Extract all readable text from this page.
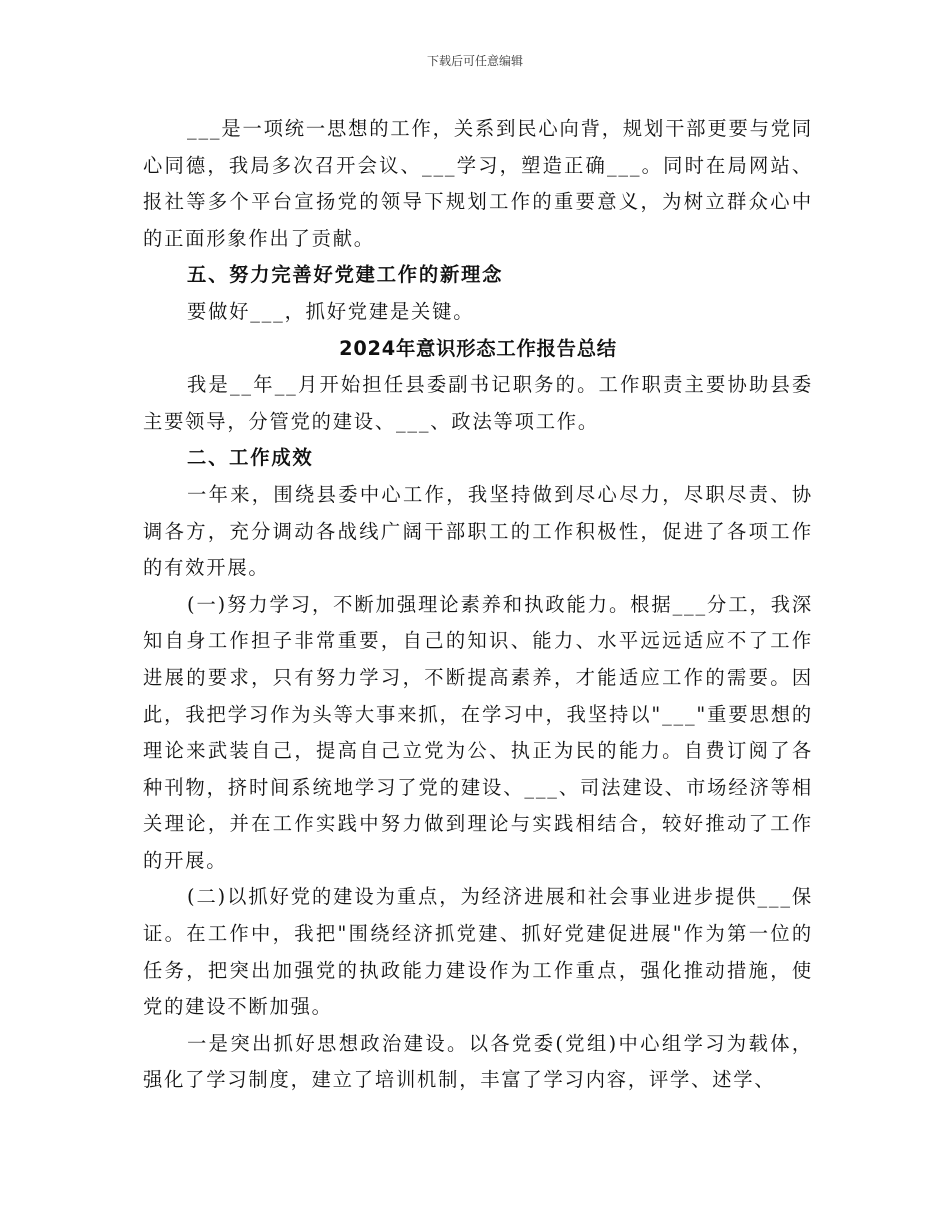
下载后可任意编辑

___是一项统一思想的工作，关系到民心向背，规划干部更要与党同心同德，我局多次召开会议、___学习，塑造正确___。同时在局网站、报社等多个平台宣扬党的领导下规划工作的重要意义，为树立群众心中的正面形象作出了贡献。

五、努力完善好党建工作的新理念

要做好___，抓好党建是关键。

2024年意识形态工作报告总结

我是__年__月开始担任县委副书记职务的。工作职责主要协助县委主要领导，分管党的建设、___、政法等项工作。

二、工作成效

一年来，围绕县委中心工作，我坚持做到尽心尽力，尽职尽责、协调各方，充分调动各战线广阔干部职工的工作积极性，促进了各项工作的有效开展。

(一)努力学习，不断加强理论素养和执政能力。根据___分工，我深知自身工作担子非常重要，自己的知识、能力、水平远远适应不了工作进展的要求，只有努力学习，不断提高素养，才能适应工作的需要。因此，我把学习作为头等大事来抓，在学习中，我坚持以"___"重要思想的理论来武装自己，提高自己立党为公、执正为民的能力。自费订阅了各种刊物，挤时间系统地学习了党的建设、___、司法建设、市场经济等相关理论，并在工作实践中努力做到理论与实践相结合，较好推动了工作的开展。

(二)以抓好党的建设为重点，为经济进展和社会事业进步提供___保证。在工作中，我把"围绕经济抓党建、抓好党建促进展"作为第一位的任务，把突出加强党的执政能力建设作为工作重点，强化推动措施，使党的建设不断加强。

一是突出抓好思想政治建设。以各党委(党组)中心组学习为载体，强化了学习制度，建立了培训机制，丰富了学习内容，评学、述学、
